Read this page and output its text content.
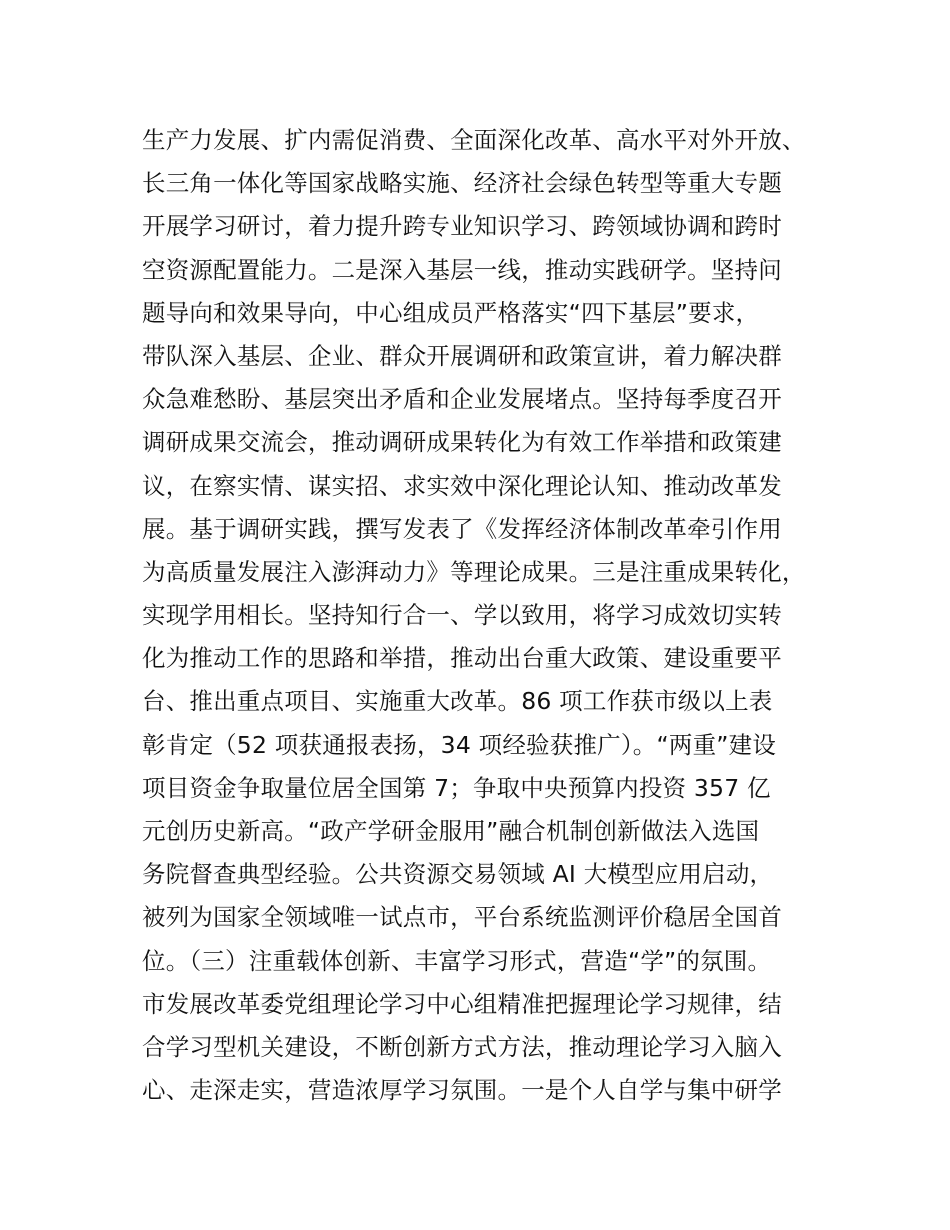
生产力发展、扩内需促消费、全面深化改革、高水平对外开放、
长三角一体化等国家战略实施、经济社会绿色转型等重大专题
开展学习研讨，着力提升跨专业知识学习、跨领域协调和跨时
空资源配置能力。二是深入基层一线，推动实践研学。坚持问
题导向和效果导向，中心组成员严格落实“四下基层”要求，
带队深入基层、企业、群众开展调研和政策宣讲，着力解决群
众急难愁盼、基层突出矛盾和企业发展堵点。坚持每季度召开
调研成果交流会，推动调研成果转化为有效工作举措和政策建
议，在察实情、谋实招、求实效中深化理论认知、推动改革发
展。基于调研实践，撰写发表了《发挥经济体制改革牵引作用
为高质量发展注入澎湃动力》等理论成果。三是注重成果转化，
实现学用相长。坚持知行合一、学以致用，将学习成效切实转
化为推动工作的思路和举措，推动出台重大政策、建设重要平
台、推出重点项目、实施重大改革。86 项工作获市级以上表
彰肯定（52 项获通报表扬，34 项经验获推广）。“两重”建设
项目资金争取量位居全国第 7；争取中央预算内投资 357 亿
元创历史新高。“政产学研金服用”融合机制创新做法入选国
务院督查典型经验。公共资源交易领域 AI 大模型应用启动，
被列为国家全领域唯一试点市，平台系统监测评价稳居全国首
位。（三）注重载体创新、丰富学习形式，营造“学”的氛围。
市发展改革委党组理论学习中心组精准把握理论学习规律，结
合学习型机关建设，不断创新方式方法，推动理论学习入脑入
心、走深走实，营造浓厚学习氛围。一是个人自学与集中研学
